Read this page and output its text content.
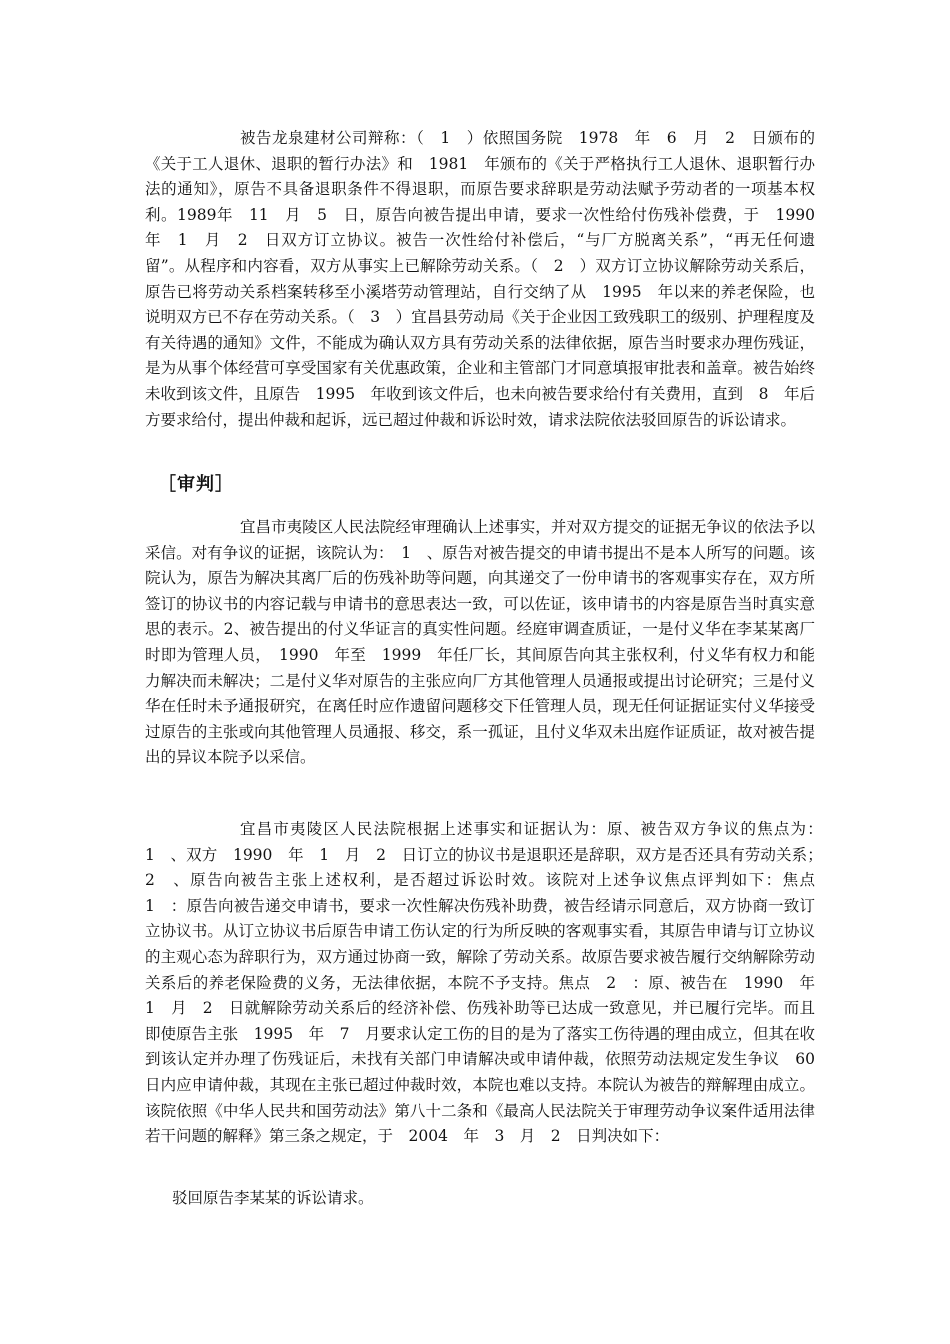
被告龙泉建材公司辩称：（　1　）依照国务院　1978　年　6　月　2　日颁布的《关于工人退休、退职的暂行办法》和　1981　年颁布的《关于严格执行工人退休、退职暂行办法的通知》，原告不具备退职条件不得退职，而原告要求辞职是劳动法赋予劳动者的一项基本权利。1989年　11　月　5　日，原告向被告提出申请，要求一次性给付伤残补偿费，于　1990　年　1　月　2　日双方订立协议。被告一次性给付补偿后，“与厂方脱离关系”，“再无任何遗留”。从程序和内容看，双方从事实上已解除劳动关系。（　2　）双方订立协议解除劳动关系后，原告已将劳动关系档案转移至小溪塔劳动管理站，自行交纳了从　1995　年以来的养老保险，也说明双方已不存在劳动关系。（　3　）宜昌县劳动局《关于企业因工致残职工的级别、护理程度及有关待遇的通知》文件，不能成为确认双方具有劳动关系的法律依据，原告当时要求办理伤残证，是为从事个体经营可享受国家有关优惠政策，企业和主管部门才同意填报审批表和盖章。被告始终未收到该文件，且原告　1995　年收到该文件后，也未向被告要求给付有关费用，直到　8　年后方要求给付，提出仲裁和起诉，远已超过仲裁和诉讼时效，请求法院依法驳回原告的诉讼请求。

［审判］

宜昌市夷陵区人民法院经审理确认上述事实，并对双方提交的证据无争议的依法予以采信。对有争议的证据，该院认为：　1　、原告对被告提交的申请书提出不是本人所写的问题。该院认为，原告为解决其离厂后的伤残补助等问题，向其递交了一份申请书的客观事实存在，双方所签订的协议书的内容记载与申请书的意思表达一致，可以佐证，该申请书的内容是原告当时真实意思的表示。2、被告提出的付义华证言的真实性问题。经庭审调查质证，一是付义华在李某某离厂时即为管理人员，　1990　年至　1999　年任厂长，其间原告向其主张权利，付义华有权力和能力解决而未解决；二是付义华对原告的主张应向厂方其他管理人员通报或提出讨论研究；三是付义华在任时未予通报研究，在离任时应作遗留问题移交下任管理人员，现无任何证据证实付义华接受过原告的主张或向其他管理人员通报、移交，系一孤证，且付义华双未出庭作证质证，故对被告提出的异议本院予以采信。

宜昌市夷陵区人民法院根据上述事实和证据认为：原、被告双方争议的焦点为：　1　、双方　1990　年　1　月　2　日订立的协议书是退职还是辞职，双方是否还具有劳动关系；　2　、原告向被告主张上述权利，是否超过诉讼时效。该院对上述争议焦点评判如下：焦点　1　：原告向被告递交申请书，要求一次性解决伤残补助费，被告经请示同意后，双方协商一致订立协议书。从订立协议书后原告申请工伤认定的行为所反映的客观事实看，其原告申请与订立协议的主观心态为辞职行为，双方通过协商一致，解除了劳动关系。故原告要求被告履行交纳解除劳动关系后的养老保险费的义务，无法律依据，本院不予支持。焦点　2　：原、被告在　1990　年　1　月　2　日就解除劳动关系后的经济补偿、伤残补助等已达成一致意见，并已履行完毕。而且即使原告主张　1995　年　7　月要求认定工伤的目的是为了落实工伤待遇的理由成立，但其在收到该认定并办理了伤残证后，未找有关部门申请解决或申请仲裁，依照劳动法规定发生争议　60　日内应申请仲裁，其现在主张已超过仲裁时效，本院也难以支持。本院认为被告的辩解理由成立。该院依照《中华人民共和国劳动法》第八十二条和《最高人民法院关于审理劳动争议案件适用法律若干问题的解释》第三条之规定，于　2004　年　3　月　2　日判决如下：

驳回原告李某某的诉讼请求。
